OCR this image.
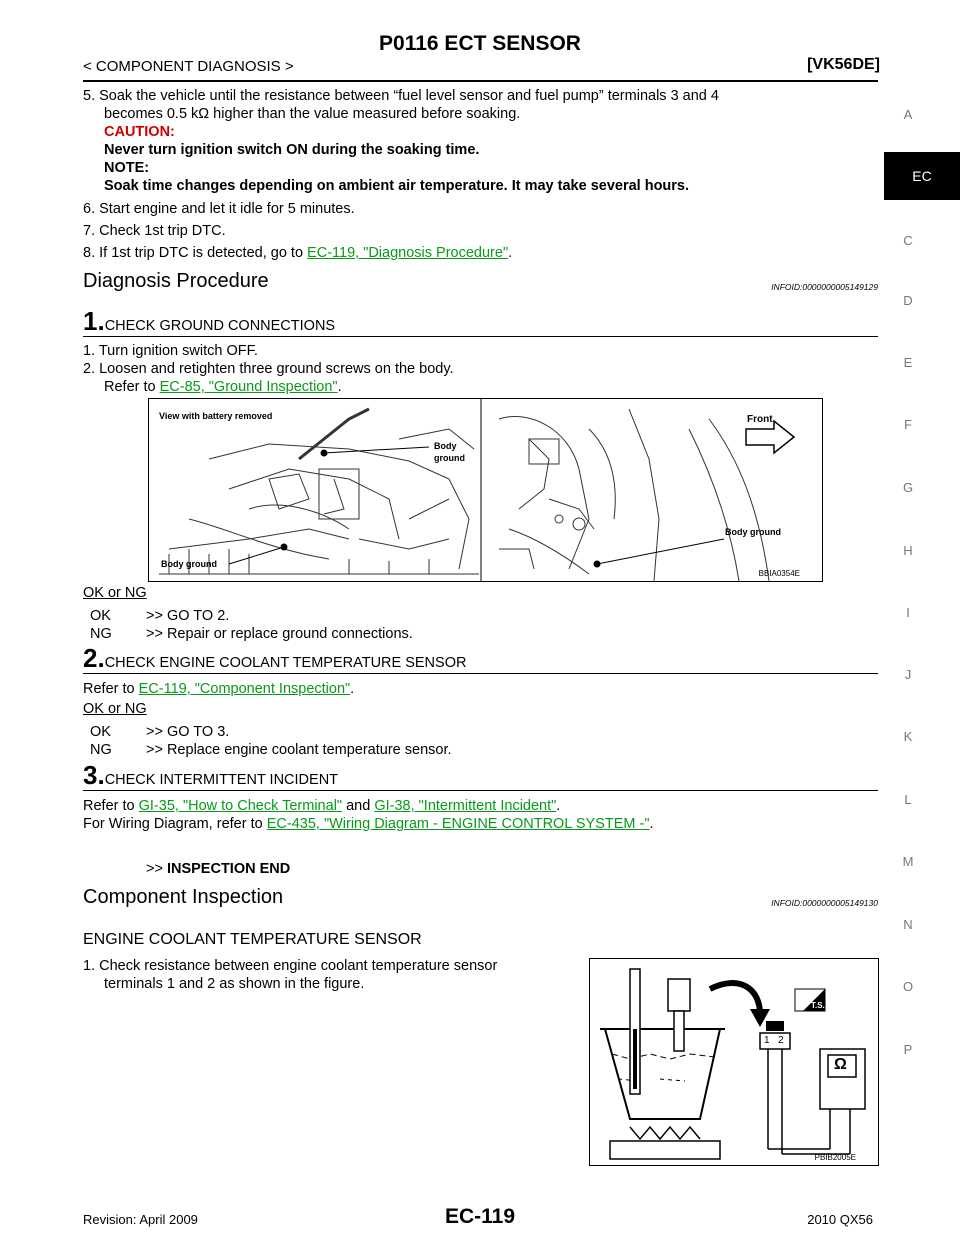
P0116 ECT SENSOR
< COMPONENT DIAGNOSIS >	[VK56DE]
5. Soak the vehicle until the resistance between “fuel level sensor and fuel pump” terminals 3 and 4
becomes 0.5 kΩ higher than the value measured before soaking.
CAUTION:
Never turn ignition switch ON during the soaking time.
NOTE:
Soak time changes depending on ambient air temperature. It may take several hours.
6. Start engine and let it idle for 5 minutes.
7. Check 1st trip DTC.
8. If 1st trip DTC is detected, go to EC-119, "Diagnosis Procedure".
Diagnosis Procedure	INFOID:0000000005149129
1.CHECK GROUND CONNECTIONS
1. Turn ignition switch OFF.
2. Loosen and retighten three ground screws on the body.
Refer to EC-85, "Ground Inspection".
View with battery removed
Body
ground
Front
Body ground
Body ground
BBIA0354E
OK or NG
OK >> GO TO 2.
NG >> Repair or replace ground connections.
2.CHECK ENGINE COOLANT TEMPERATURE SENSOR
Refer to EC-119, "Component Inspection".
OK or NG
OK >> GO TO 3.
NG >> Replace engine coolant temperature sensor.
3.CHECK INTERMITTENT INCIDENT
Refer to GI-35, "How to Check Terminal" and GI-38, "Intermittent Incident".
For Wiring Diagram, refer to EC-435, "Wiring Diagram - ENGINE CONTROL SYSTEM -".
>> INSPECTION END
Component Inspection	INFOID:0000000005149130
ENGINE COOLANT TEMPERATURE SENSOR
1. Check resistance between engine coolant temperature sensor
terminals 1 and 2 as shown in the figure.
T.S.
1 2
Ω
PBIB2005E
A
EC
C
D
E
F
G
H
I
J
K
L
M
N
O
P
Revision: April 2009	EC-119	2010 QX56
